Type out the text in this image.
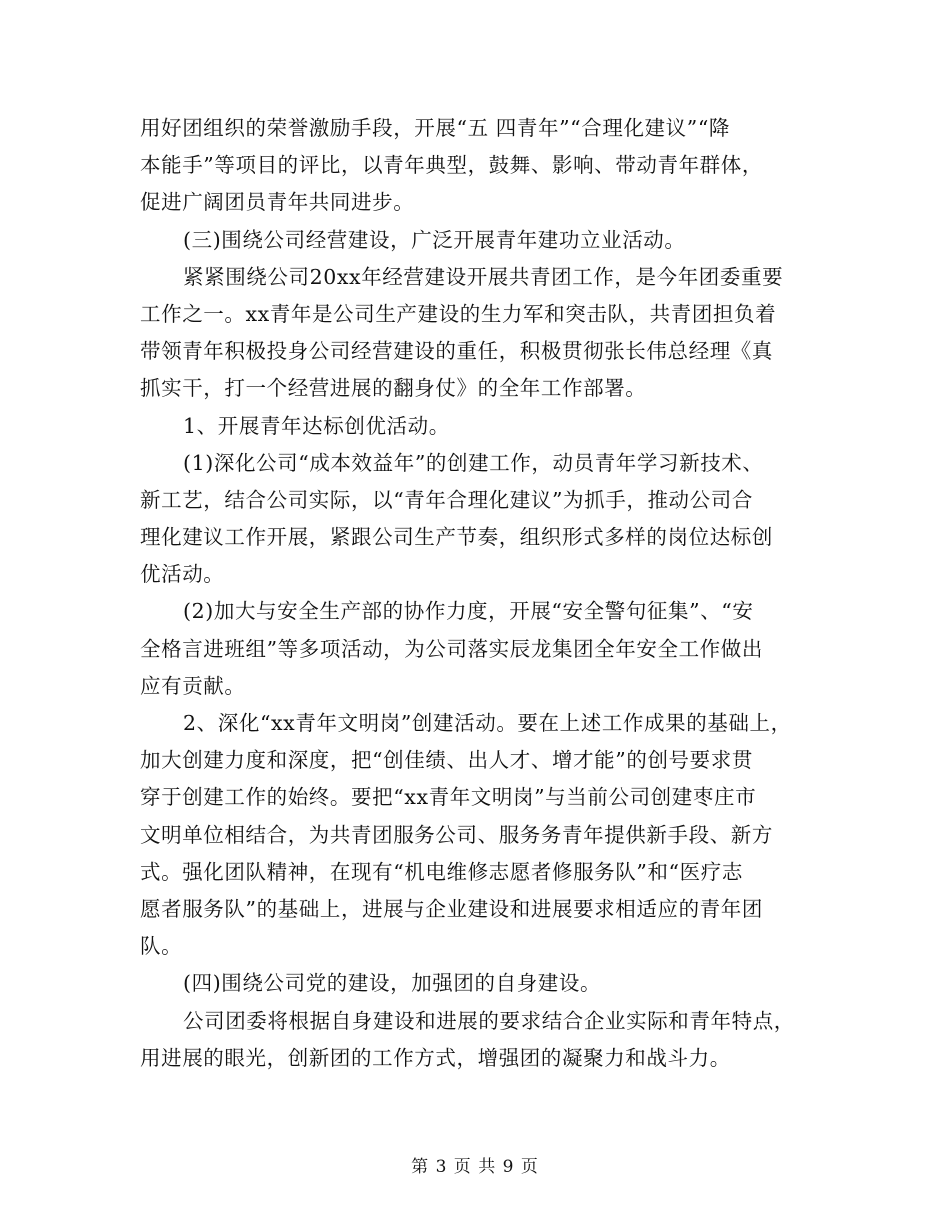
用好团组织的荣誉激励手段，开展“五 四青年”“合理化建议”“降
本能手”等项目的评比，以青年典型，鼓舞、影响、带动青年群体，
促进广阔团员青年共同进步。
(三)围绕公司经营建设，广泛开展青年建功立业活动。
紧紧围绕公司20xx年经营建设开展共青团工作，是今年团委重要
工作之一。xx青年是公司生产建设的生力军和突击队，共青团担负着
带领青年积极投身公司经营建设的重任，积极贯彻张长伟总经理《真
抓实干，打一个经营进展的翻身仗》的全年工作部署。
1、开展青年达标创优活动。
(1)深化公司“成本效益年”的创建工作，动员青年学习新技术、
新工艺，结合公司实际，以“青年合理化建议”为抓手，推动公司合
理化建议工作开展，紧跟公司生产节奏，组织形式多样的岗位达标创
优活动。
(2)加大与安全生产部的协作力度，开展“安全警句征集”、“安
全格言进班组”等多项活动，为公司落实辰龙集团全年安全工作做出
应有贡献。
2、深化“xx青年文明岗”创建活动。要在上述工作成果的基础上，
加大创建力度和深度，把“创佳绩、出人才、增才能”的创号要求贯
穿于创建工作的始终。要把“xx青年文明岗”与当前公司创建枣庄市
文明单位相结合，为共青团服务公司、服务务青年提供新手段、新方
式。强化团队精神，在现有“机电维修志愿者修服务队”和“医疗志
愿者服务队”的基础上，进展与企业建设和进展要求相适应的青年团
队。
(四)围绕公司党的建设，加强团的自身建设。
公司团委将根据自身建设和进展的要求结合企业实际和青年特点，
用进展的眼光，创新团的工作方式，增强团的凝聚力和战斗力。
第 3 页 共 9 页
